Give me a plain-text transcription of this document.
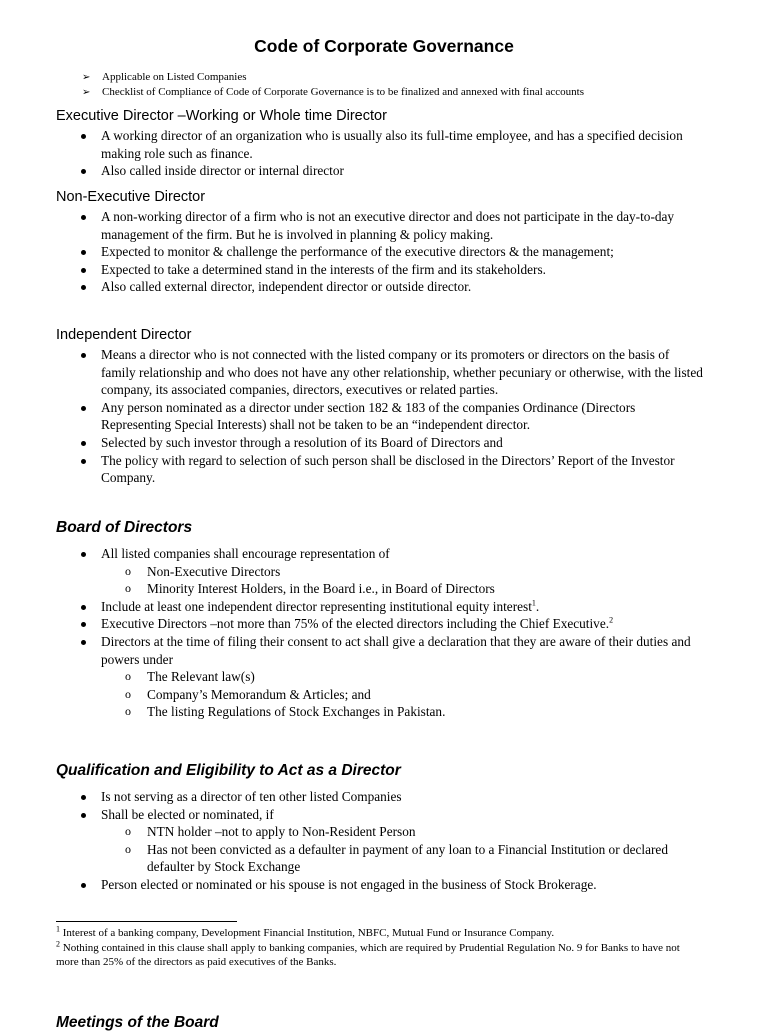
Code of Corporate Governance
➢ Applicable on Listed Companies
➢ Checklist of Compliance of Code of Corporate Governance is to be finalized and annexed with final accounts
Executive Director –Working or Whole time Director
A working director of an organization who is usually also its full-time employee, and has a specified decision making role such as finance.
Also called inside director or internal director
Non-Executive Director
A non-working director of a firm who is not an executive director and does not participate in the day-to-day management of the firm. But he is involved in planning & policy making.
Expected to monitor & challenge the performance of the executive directors & the management;
Expected to take a determined stand in the interests of the firm and its stakeholders.
Also called external director, independent director or outside director.
Independent Director
Means a director who is not connected with the listed company or its promoters or directors on the basis of family relationship and who does not have any other relationship, whether pecuniary or otherwise, with the listed company, its associated companies, directors, executives or related parties.
Any person nominated as a director under section 182 & 183 of the companies Ordinance (Directors Representing Special Interests) shall not be taken to be an “independent director.
Selected by such investor through a resolution of its Board of Directors and
The policy with regard to selection of such person shall be disclosed in the Directors’ Report of the Investor Company.
Board of Directors
All listed companies shall encourage representation of
o Non-Executive Directors
o Minority Interest Holders, in the Board i.e., in Board of Directors
Include at least one independent director representing institutional equity interest$^1$.
Executive Directors –not more than 75% of the elected directors including the Chief Executive.$^2$
Directors at the time of filing their consent to act shall give a declaration that they are aware of their duties and powers under
o The Relevant law(s)
o Company’s Memorandum & Articles; and
o The listing Regulations of Stock Exchanges in Pakistan.
Qualification and Eligibility to Act as a Director
Is not serving as a director of ten other listed Companies
Shall be elected or nominated, if
o NTN holder –not to apply to Non-Resident Person
o Has not been convicted as a defaulter in payment of any loan to a Financial Institution or declared defaulter by Stock Exchange
Person elected or nominated or his spouse is not engaged in the business of Stock Brokerage.
$^1$ Interest of a banking company, Development Financial Institution, NBFC, Mutual Fund or Insurance Company.
$^2$ Nothing contained in this clause shall apply to banking companies, which are required by Prudential Regulation No. 9 for Banks to have not more than 25% of the directors as paid executives of the Banks.
Meetings of the Board
